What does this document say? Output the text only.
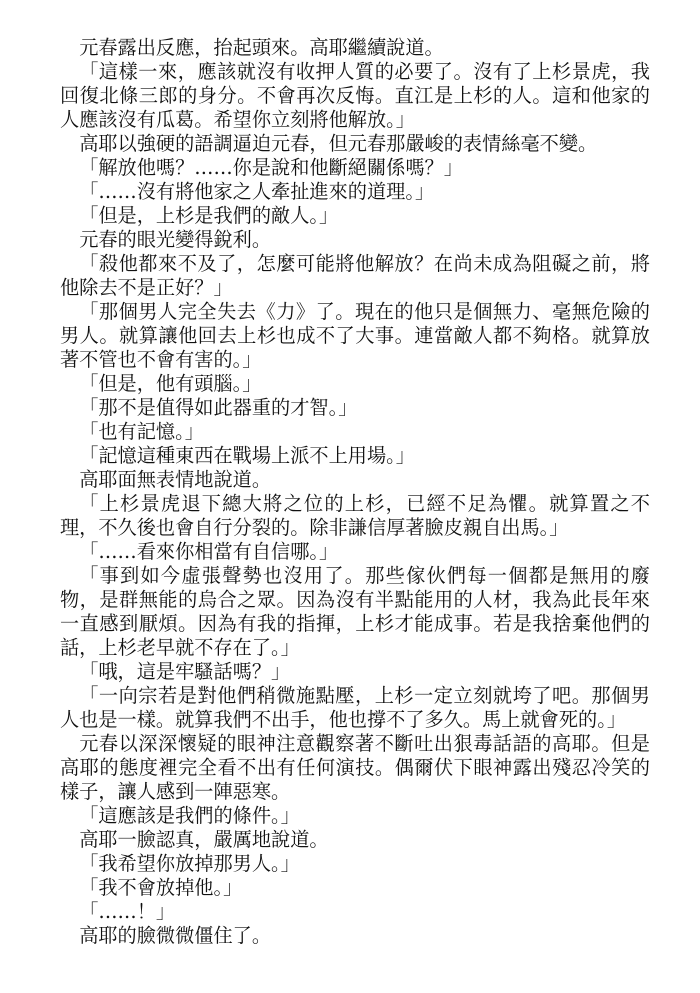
元春露出反應，抬起頭來。高耶繼續說道。

「這樣一來，應該就沒有收押人質的必要了。沒有了上杉景虎，我回復北條三郎的身分。不會再次反悔。直江是上杉的人。這和他家的人應該沒有瓜葛。希望你立刻將他解放。」

高耶以強硬的語調逼迫元春，但元春那嚴峻的表情絲毫不變。

「解放他嗎？……你是說和他斷絕關係嗎？」

「……沒有將他家之人牽扯進來的道理。」

「但是，上杉是我們的敵人。」

元春的眼光變得銳利。

「殺他都來不及了，怎麼可能將他解放？在尚未成為阻礙之前，將他除去不是正好？」

「那個男人完全失去《力》了。現在的他只是個無力、毫無危險的男人。就算讓他回去上杉也成不了大事。連當敵人都不夠格。就算放著不管也不會有害的。」

「但是，他有頭腦。」

「那不是值得如此器重的才智。」

「也有記憶。」

「記憶這種東西在戰場上派不上用場。」

高耶面無表情地說道。

「上杉景虎退下總大將之位的上杉，已經不足為懼。就算置之不理，不久後也會自行分裂的。除非謙信厚著臉皮親自出馬。」

「……看來你相當有自信哪。」

「事到如今虛張聲勢也沒用了。那些傢伙們每一個都是無用的廢物，是群無能的烏合之眾。因為沒有半點能用的人材，我為此長年來一直感到厭煩。因為有我的指揮，上杉才能成事。若是我捨棄他們的話，上杉老早就不存在了。」

「哦，這是牢騷話嗎？」

「一向宗若是對他們稍微施點壓，上杉一定立刻就垮了吧。那個男人也是一樣。就算我們不出手，他也撐不了多久。馬上就會死的。」

元春以深深懷疑的眼神注意觀察著不斷吐出狠毒話語的高耶。但是高耶的態度裡完全看不出有任何演技。偶爾伏下眼神露出殘忍冷笑的樣子，讓人感到一陣惡寒。

「這應該是我們的條件。」

高耶一臉認真，嚴厲地說道。

「我希望你放掉那男人。」

「我不會放掉他。」

「……！」

高耶的臉微微僵住了。
